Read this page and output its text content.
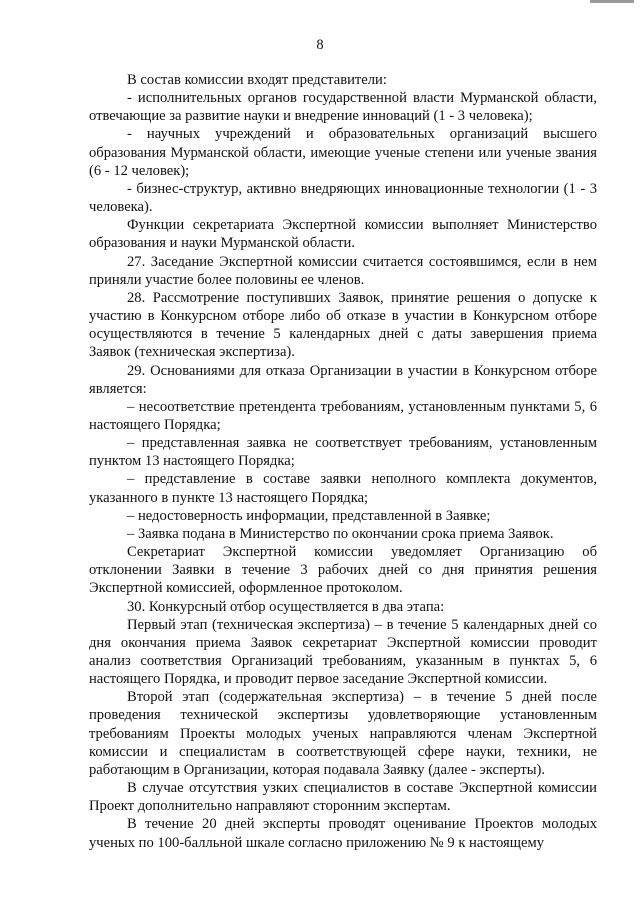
8

В состав комиссии входят представители:

- исполнительных органов государственной власти Мурманской области, отвечающие за развитие науки и внедрение инноваций (1 - 3 человека);

- научных учреждений и образовательных организаций высшего образования Мурманской области, имеющие ученые степени или ученые звания (6 - 12 человек);

- бизнес-структур, активно внедряющих инновационные технологии (1 - 3 человека).

Функции секретариата Экспертной комиссии выполняет Министерство образования и науки Мурманской области.

27. Заседание Экспертной комиссии считается состоявшимся, если в нем приняли участие более половины ее членов.

28. Рассмотрение поступивших Заявок, принятие решения о допуске к участию в Конкурсном отборе либо об отказе в участии в Конкурсном отборе осуществляются в течение 5 календарных дней с даты завершения приема Заявок (техническая экспертиза).

29. Основаниями для отказа Организации в участии в Конкурсном отборе является:

– несоответствие претендента требованиям, установленным пунктами 5, 6 настоящего Порядка;

– представленная заявка не соответствует требованиям, установленным пунктом 13 настоящего Порядка;

– представление в составе заявки неполного комплекта документов, указанного в пункте 13 настоящего Порядка;

– недостоверность информации, представленной в Заявке;

– Заявка подана в Министерство по окончании срока приема Заявок.

Секретариат Экспертной комиссии уведомляет Организацию об отклонении Заявки в течение 3 рабочих дней со дня принятия решения Экспертной комиссией, оформленное протоколом.

30. Конкурсный отбор осуществляется в два этапа:

Первый этап (техническая экспертиза) – в течение 5 календарных дней со дня окончания приема Заявок секретариат Экспертной комиссии проводит анализ соответствия Организаций требованиям, указанным в пунктах 5, 6 настоящего Порядка, и проводит первое заседание Экспертной комиссии.

Второй этап (содержательная экспертиза) – в течение 5 дней после проведения технической экспертизы удовлетворяющие установленным требованиям Проекты молодых ученых направляются членам Экспертной комиссии и специалистам в соответствующей сфере науки, техники, не работающим в Организации, которая подавала Заявку (далее - эксперты).

В случае отсутствия узких специалистов в составе Экспертной комиссии Проект дополнительно направляют сторонним экспертам.

В течение 20 дней эксперты проводят оценивание Проектов молодых ученых по 100-балльной шкале согласно приложению № 9 к настоящему
